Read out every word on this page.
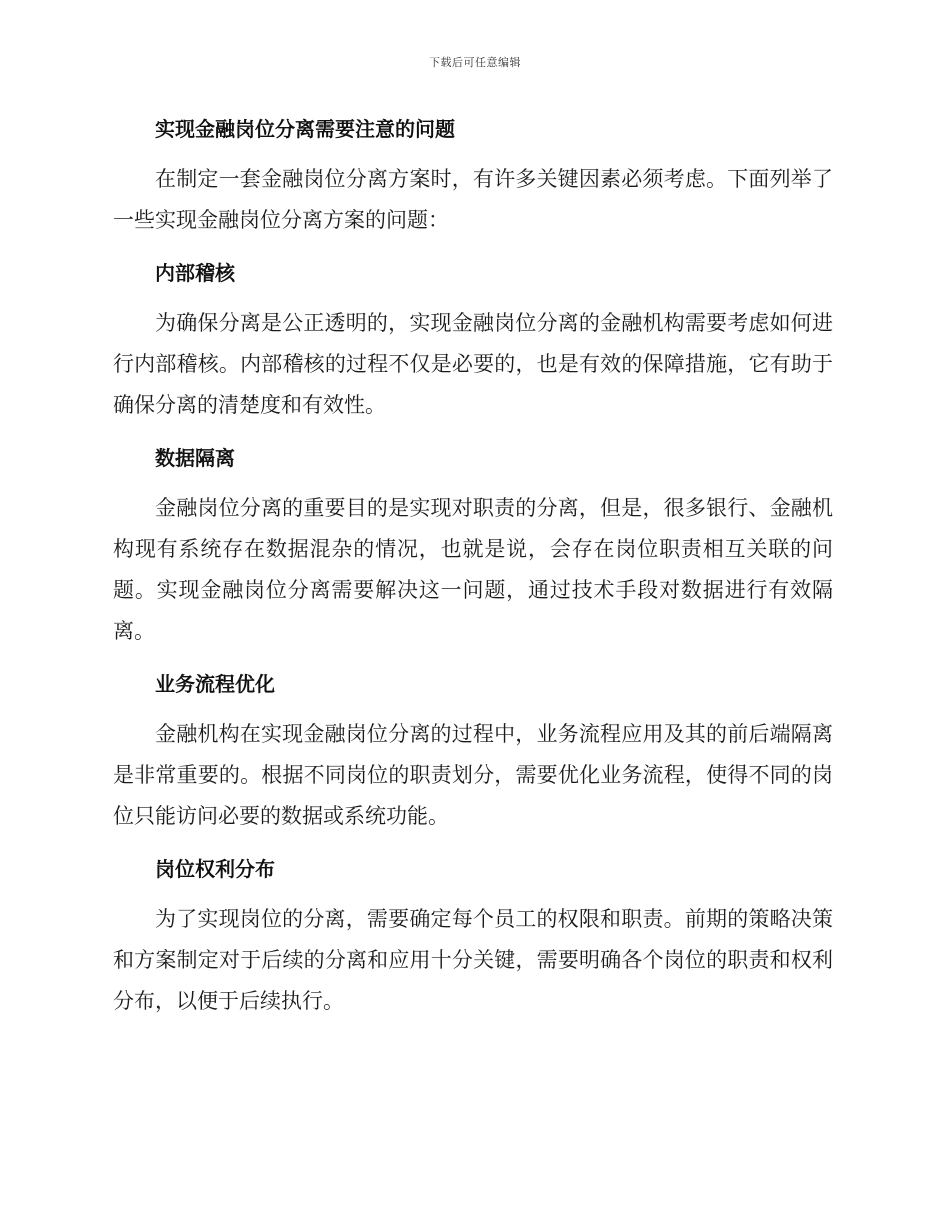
下载后可任意编辑
实现金融岗位分离需要注意的问题

在制定一套金融岗位分离方案时，有许多关键因素必须考虑。下面列举了一些实现金融岗位分离方案的问题：

内部稽核

为确保分离是公正透明的，实现金融岗位分离的金融机构需要考虑如何进行内部稽核。内部稽核的过程不仅是必要的，也是有效的保障措施，它有助于确保分离的清楚度和有效性。

数据隔离

金融岗位分离的重要目的是实现对职责的分离，但是，很多银行、金融机构现有系统存在数据混杂的情况，也就是说，会存在岗位职责相互关联的问题。实现金融岗位分离需要解决这一问题，通过技术手段对数据进行有效隔离。

业务流程优化

金融机构在实现金融岗位分离的过程中，业务流程应用及其的前后端隔离是非常重要的。根据不同岗位的职责划分，需要优化业务流程，使得不同的岗位只能访问必要的数据或系统功能。

岗位权利分布

为了实现岗位的分离，需要确定每个员工的权限和职责。前期的策略决策和方案制定对于后续的分离和应用十分关键，需要明确各个岗位的职责和权利分布，以便于后续执行。
